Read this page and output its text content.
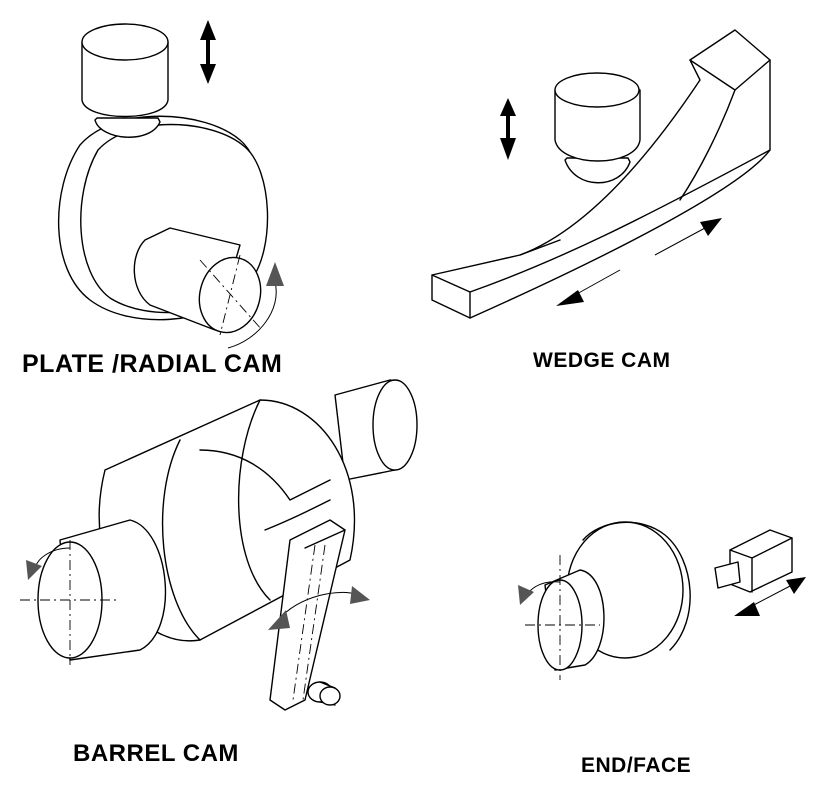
PLATE /RADIAL CAM	WEDGE CAM
BARREL CAM	END/FACE
